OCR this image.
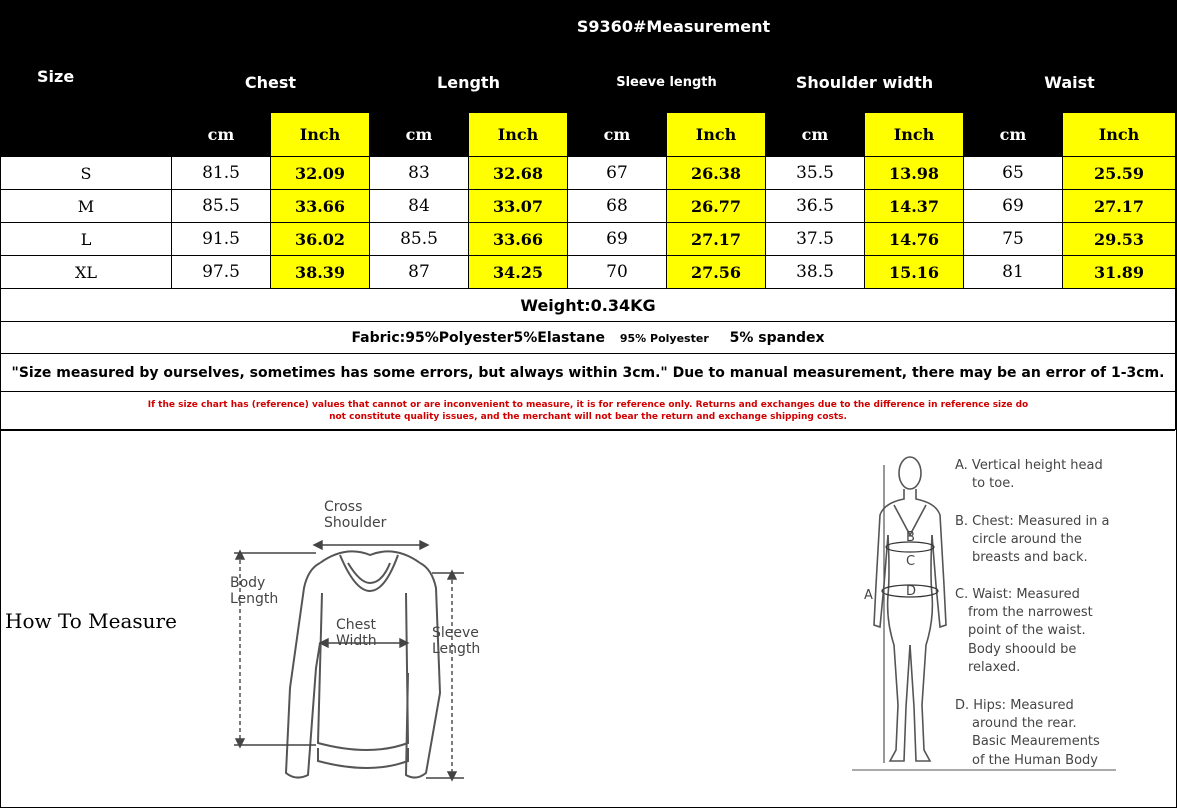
Size	S9360#Measurement									
	Chest		Length		Sleeve length		Shoulder width		Waist	
	cm	Inch	cm	Inch	cm	Inch	cm	Inch	cm	Inch
S	81.5	32.09	83	32.68	67	26.38	35.5	13.98	65	25.59
M	85.5	33.66	84	33.07	68	26.77	36.5	14.37	69	27.17
L	91.5	36.02	85.5	33.66	69	27.17	37.5	14.76	75	29.53
XL	97.5	38.39	87	34.25	70	27.56	38.5	15.16	81	31.89
Weight:0.34KG										
Fabric:95%Polyester5%Elastane 95% Polyester 5% spandex										
"Size measured by ourselves, sometimes has some errors, but always within 3cm." Due to manual measurement, there may be an error of 1-3cm.										

If the size chart has (reference) values that cannot or are inconvenient to measure, it is for reference only. Returns and exchanges due to the difference in reference size do
not constitute quality issues, and the merchant will not bear the return and exchange shipping costs.										
How To Measure
Cross
Shoulder
Body
Length
Chest
Width	Sleeve
Length
A
B
C
D
A. Vertical height head
to toe.
B. Chest: Measured in a
circle around the
breasts and back.
C. Waist: Measured
from the narrowest
point of the waist.
Body shoould be
relaxed.
D. Hips: Measured
around the rear.
Basic Meaurements
of the Human Body
